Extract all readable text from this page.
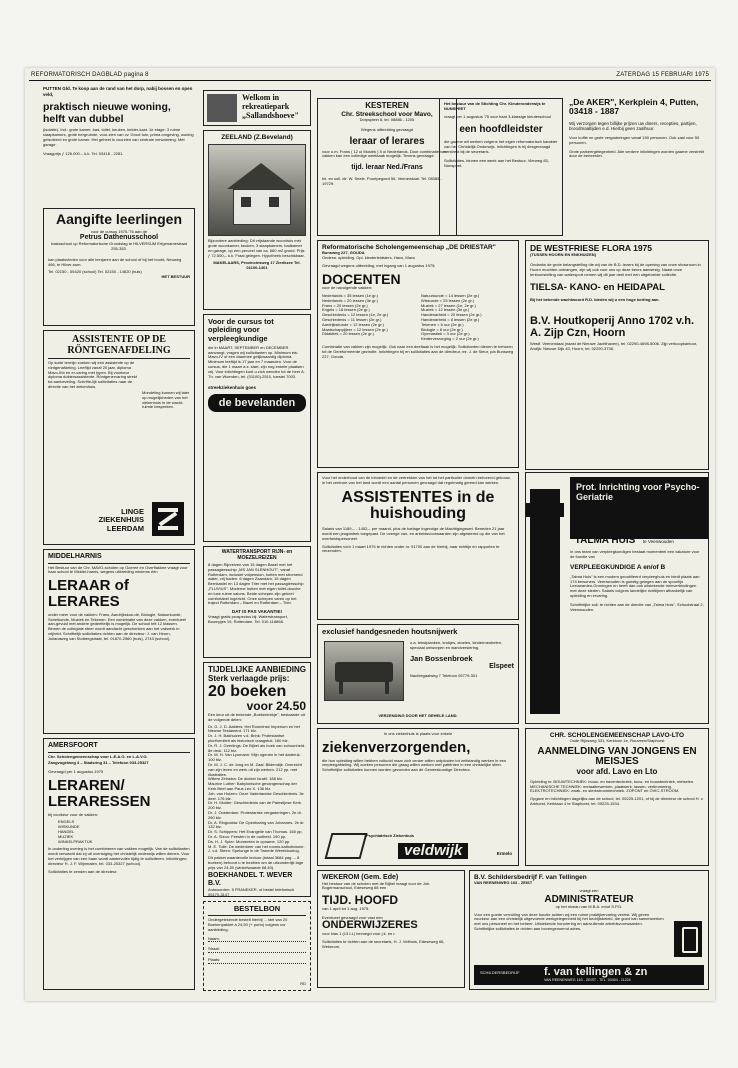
REFORMATORISCH DAGBLAD pagina 8	ZATERDAG 15 FEBRUARI 1975

PUTTEN Gld. Te koop aan de rand van het dorp, nabij bossen en open veld,

praktisch nieuwe woning, helft van dubbel

(isolatie). Ind.: grote kamer, bad, toilet, keuken, kelder-kast. 1e etage: 3 ruime slaapkamers, grote bergruimte, voor-zien van cv. Groot tuin, prima omgeving, woning gelsoleerd en grote kamer. Het geheel is voorzien van centrale verwarming. Met garage.

Vraagprijs ƒ 126.000.– k.k. Tel. 03418 - 2281.

Aangifte leerlingen

voor de cursus 1975-'76 aan de

Petrus Dathenusschool

basisschool op Reformatorische Grondslag te HILVERSUM Erfgenamestraat 255-353.

kan plaatsvinden voor alle leerjaren aan de school of bij het hoofd, Neuweg 466, te Hilver-sum.

Tel. 02150 - 55420 (school) Tel. 02150 - 14620 (huis)

HET BESTUUR

ASSISTENTE OP DE RÖNTGENAFDELING

Op korte termijn zoeken wij een assistente op de röntgenafdeling. Leeftijd vanaf 20 jaar, diploma Mavo-IIIb en er-varing met typen. Bij voorkeur diploma doktersassistente. Röntgenervaring strekt tot aanbeveling. Schrifte-lijk sollicitaties naar de directie van het ziekenhuis.

Mondeling kunnen wij later op mogelijkheden van het ziekenhuis in de wacht-ruimte bespreken.

LINGE ZIEKENHUIS LEERDAM

MIDDELHARNIS

Het Bestuur van de Chr. MAVO-scholen op Goeree en Overflakkee vraagt voor haar school te Middel-harnis, wegens uitbreiding miniems één

LERAAR of LERARES

onder meer voor de vakken: Frans, Aardrijkskun-de, Biologie, Natuurkunde, Scheikunde, Muziek en Tekenen. Een combinatie van deze vakken, eventueel aan-gevuld met andere gedeeltelijk is mogelijk. De school telt 12 klassen. Binnen de collegiale sfeer wordt aandacht geschonken aan het vakwerk in vrijheid. Schriftelijk sollicitaties richten aan de directeur: J. van Heurn, Julianaweg van Stolbergstraat, tel. 01870-2560 (huis), 2743 (school).

AMERSFOORT

Chr. Scholengemeenschap voor L.E.A.O. en L.A.V.O.

Zangvogelweg 4 – Stadsring 31 – Telefoon 033-25327

Gevraagd per 1 augustus 1975

LERAREN/ LERARESSEN

bij voorkeur voor de vakken:

ENGELS

WISKUNDE

HANDEL

MUZIEK

WINKELPRAKTIJK

In onderling overleg is het combineren van vakken mogelijk. Van de sollicitanten wordt verwacht dat zij uit overtuiging het christelijk onderwijs willen dienen. Voor het verkrijgen van een baan wordt aanbevolen tijdig te solliciteren. Inlichtingen: directeur H. J. F. Wijnmalen, tel. 033-25327 (school).

Sollicitaties te zenden aan de directeur.

Welkom in rekreatiepark „Sallandshoeve"

ZEELAND (Z.Beveland)

Bijzondere aanbieding: Dit vrijstaande woonhuis met grote woonkamer, keuken, 3 slaapkamers, badkamer en garage, op een perceel van ca. 660 m2 grond. Prijs ƒ 72.500,– k.k. Fraai gelegen. Hypotheek beschikbaar.

MAKELAARS, Provinciesweg 17 Zierikzee Tel. 01100-1401

Voor de cursus tot opleiding voor verpleegkundige

die in MAART, SEPTEMBER en DECEMBER aanvangt, vragen wij sollicitanten op. Minimum eis: Mavo-IV of een daarmee gelijkwaardig diploma. Minimum leeftijd is 17 jaar en 7 maanden. Voor de cursus, die 1 maart a.s. start, zijn nog enkele plaatsen vrij. Voor inlichtingen kunt u zich wenden tot de heer A. Th. van Woerden, tel. (01100)-2510, toestel 7003.

streekziekenhuis goes

de bevelanden

WATERTRANSPORT RIJN- en MOEZELREIZEN

8 dagen Rijnreizen van 15 dagen Basel met het passagiersschip „MS JAN SLENHOUT", vanaf Rotterdam, inclusief volpension, hutten met stromend water, vrij baden. 6 dagen Zaandam, 15 dagen Bernkastel en 13 dagen Trier met het passagiersschip „FLUVIUS". Moderne hutten met eigen toilet-douche en luxe ruime salons. Beide schepen zijn geheel comfortabel ingericht. Onze schepen varen op het traject Rotterdam – Bazel en Rotterdam – Trier.

DAT IS PAS VAKANTIE!

Vraagt gratis prospectus bij: Waterstransport, Boompjes 19, Rotterdam. Tel. 010-118868.

TIJDELIJKE AANBIEDING Sterk verlaagde prijs:

20 boeken

voor 24.50

Een keur uit de bekende „Boekentrekje", bestaande uit de volgende delen:

Dr. G. J. D. Aalders: Het Romeinse Imperium en het Nieuwe Testament. 171 blz.

Dr. J. H. Bakhuizen v.d. Brink: Protestantse pluriformiteit als historisch vraagstuk. 160 blz.

Dr. R. J. Geerlings: De Bijbel als boek van schoonheid. 8e druk. 112 blz.

Dr. M. H. Van Lyomann: Mijn ogenen in het daderuk. 100 blz.

Dr. M. J. C. de Jong en M. Zaal: Bildendijk. Overzicht van zijn leven en werk uit zijn werken. 212 pp. met illustraties.

Willem Zeinstra: De dichter Israël. 188 blz.

Maurice Luther: Babylonische gevangenschap der Kerk Brief aan Paus Leo X. 136 blz.

Joh. van Hulzen: Onze Vaderlandse Geschiedenis. 3e deel. 176 blz.

Dr. H. Mulder: Geschiedenis van de Palestijnse Kerk. 200 blz.

Dr. J. Oosterdam: Protestantse vergaderingen. 2e dr. 260 blz.

Dr. A. Ringnalda: De Openbaring van Johannes. 2e dr. 132 blz.

Dr. S. Schippers: Het Evangelie van Thomas. 160 pp.

Dr. A. Sizoo: Feesten in de oudheid. 190 pp.

Ds. H. J. Spier: Momenten in opname. 120 pp.

M. E. Tolle: De wederkeer van het rooms-katholicisme.

J. v.d. Steen: Spelonge in de Tweede Wereldoorlog.

Dit pakket waardevolle lectuur (totaal 3684 pag. – 8 boeken) behoort u te bezitten om de uitzonderlijk lage prijs van 24,50 (winkelwaarde 68,40).

BOEKHANDEL T. WEVER B.V.

Antwoorden: 5 FRANEKER, of bestel telefonisch 05170-3147

BESTELBON

Ondergetekende bestelt hierbij ... stel van 20 Boekenpakket à 24,50 (+ porto) volgens uw aanbieding.

Naam:

Straat:

Plaats:

RD

KESTEREN

Chr. Streekschool voor Mavo,

Dorpsplein 8, tel. 08886 - 1205

Wegens uitbreiding gevraagd

leraar of lerares

voor o.m. Frans ( 12 ul Musiek ) 5 ul Nederlands. Door combinatie van vakken kan een volledige weektaak mogelijk. Tevens gevraagd:

tijd. leraar Ned./Frans

Inl. en soll. dir. W. Seele, Poortpegoed 56, Veenendaal. Tel. 08385 - 19729.

Reformatorische Scholengemeenschap „DE DRIESTAR"

Bunsweg 227, GOUDA

Onderw. opleiding, Opl. kleuterleidsters, Havo, Mavo

Gevraagd wegens uitbreiding, met ingang van 1 augustus 1975:

DOCENTEN

voor de navolgende vakken:

Nederlands = 35 lessen (1e gr.)

Nederlands = 20 lessen (3e gr.)

Frans = 20 lessen (2e gr.)

Engels = 18 lessen (2e gr.)

Geschiedenis = 12 lessen (1e, 2e gr.)

Geschiedenis = 11 lessen (2e gr.)

Aardrijkskunde = 12 lessen (2e gr.)

Maatschappijleer = 12 lessen (2e gr.)

Didaktiek = 20 lessen (2e gr.)

Natuurkunde = 14 lessen (2e gr.)

Wiskunde = 25 lessen (2e gr.)

Muziek = 27 lessen (1e, 2e gr.)

Muziek = 12 lessen (3e gr.)

Handenarbeid = 20 lessen (2e gr.)

Handenarbeid = 8 lessen (2e gr.)

Tekenen = 6 uur (2e gr.)

Biologie = 8 uur (2e gr.)

Gymnastiek = 3 uur (2e gr.)

Kinderverzorging = 2 uur (2e gr.)

Combinatie van vakken zijn mogelijk. Ook naar een deeltaak is het mogelijk. Sollicitanten dienen te behoren tot de Gereformeerde gezindte. Inlichtingen bij en sollicitaties aan de directeur, mr. J. de Steur, p/a Bunsweg 227, Gouda.

Voor het onderhoud van de inboedel en de vertrekken van het tot het particulier domein behorend gebouw, in het centrum van het land wordt een aantal personen gevraagd dat regelmatig gereed kan werken.

ASSISTENTES in de huishouding

Salaris van 1189,– - 1452,– per maand, plus de toelage ingevolge de Machtigingswet. Beneden 21 jaar wordt een jeugdafrek toegepast. De overige van- en arbeidsvoorwaarden zijn afgestemd op die van het overheidspersoneel.

Sollicitaties vóór 1 maart 1975 te richten onder nr. 91700 aan de hierbij, naar richtlijn en rapporten te verzenden.

exclusief handgesneden houtsnijwerk

o.a. tekstplanken, krukjes, stoelen, kindermeubelen, speciaal ontworpen en wandversiering.

Jan Bossenbroek

Elspeet

Nachtegaalweg 7 Telefoon 05779-301

VERZENDING DOOR HET GEHELE LAND.

In ons ziekenhuis is plaats voor enkele

ziekenverzorgenden,

die hun opleiding willen hebben voltooid maar zich verder willen ontplooien tot zelfstandig werken in een verpleegafdeling. Wij zoeken personen die graag willen werken met patiënten in een christelijke sfeer. Schriftelijke sollicitaties kunnen worden gezonden aan de Geneeskundige Directeur.

Psychiatrisch Ziekenhuis

veldwijk	Ermelo

WEKEROM (Gem. Ede)

Het bestuur van de scholen met de Bijbel vraagt voor de Joh. Bogermanschool, Edeseweg 68 een

TIJD. HOOFD

van 1 april tot 1 aug. 1975.

Eventueel gevraagd voor vast een

ONDERWIJZERES

voor klas 1 (13 LL) bevoegd voor j.k. en r.

Sollicitaties te richten aan de secretaris, H. J. Velthuis, Edeseweg 66, Wekerom.

Het bestuur van de Stichting Chr. Kleuteronderwijs te NUNSPEET

vraagt per 1 augustus '75 voor haar 3-klassige kleuterschool

een hoofdleidster

die gaarne wil werken volgens het eigen reformatorisch karakter van het Christelijk Onderwijs. Inlichtingen is bij desgevraagd verstrekt bij de secretaris.

Sollicitaties, binnen een week aan het Bestuur, Vierweg 83, Nunspeet.

„De AKER", Kerkplein 4, Putten, 03418 - 1887

Wij verzorgen tegen billijke prijzen uw diners, recepties, partijen, broodmaaltijden e.d. Hierbij geen zaalhuur.

Voor koffie en grote vergaderingen vanaf 150 personen. Ook zaal voor 50 personen.

Grote parkeergelegenheid. Alle verdere inlichtingen worden gaarne verstrekt door de beheerder.

DE WESTFRIESE FLORA 1975

(TUSSEN HOORN EN ENKHUIZEN)

Ondanks de grote belangstelling die wij van de B.D.-lezers bij de opening van onze showroom in Hoorn mochten ontvangen, zijn wij ook voor ons op deze beurs aanwezig. Naast onze tentoonstelling van watersport nemen wij dit jaar deel met een uitgebreide collectie.

TIELSA- KANO- en HEIDAPAL

Bij het bekende wachtwoord R.D. bieden wij u een hoge korting aan.

B.V. Houtkoperij Anno 1702 v.h. A. Zijp Czn, Hoorn

Westf. Veenendaal (naast de Nieuwe Jachthaven), tel. 02290-4698-5006. Zijp verkoopkantoor, Andijk: Nieuwe Dijk 40, Hoorn, tel. 02290-3736.

Prot. Inrichting voor Psycho-Geriatrie

"TALMA HUIS" te Veenwouden

In ons team van verpleegkundigen bestaat momenteel een vakature voor de functie van

VERPLEEGKUNDIGE A en/of B

„Talma Huis" is een modern geoutilleerd verpleeghuis en biedt plaats aan 174 bewoners. Veenwouden is gunstig gelegen aan de spoorlijn Leeuwarden-Groningen en heeft dan ook uitstekende treinverbindingen met deze steden. Salaris volgens landelijke richtlijnen afhankelijk van opleiding en ervaring.

Schriftelijke soll. te richten aan de directie van „Talma Huis", Schoolstraat 2, Veenwouden.

CHR. SCHOLENGEMEENSCHAP LAVO-LTO

Oude Rijksweg 331, Kerkloon 1e, Rouveen/Staphorst

AANMELDING VAN JONGENS EN MEISJES

voor afd. Lavo en Lto

Opleiding in: BOUWTECHNIEK: bouw- en haventechniek, touw- en bouwtechniek, metselen. MECHANISCHE TECHNIEK: metaalbewerken, plaatwerk, lassen, vertimmering. ELEKTROTECHNIEK: zwak- en sterkstroomtechniek. ZOPONT en OVIC-STROOM.

Opgave en inlichtingen dagelijks aan de school, tel. 05225-1201, of bij de directeur de school H. v. Arkhorst, Kerklaan 4 te Staphorst, tel. 05225-1534.

B.V. Schildersbedrijf F. van Tellingen

VAN REENENWEG 163 - ZEIST

vraagt een

ADMINISTRATEUR

op het niveau van M.B.A. en/of S.P.D.

Voor een goede vervulling van deze functie achten wij een ruime praktijkervaring vereist. Wij geven voorkeur aan een christelijk uitgevoerde werkgelegenheid bij het bedrijfsbeleid, die goed kan samenwerken met ons personeel en het beheer. Uitstekende honorering en aanvullende arbeidsvoorwaarden. Schriftelijke sollicitaties te richten aan bovengenoemd adres.

SCHILDERSBEDRIJF f. van tellingen & zn

VAN REENENWEG 163 - ZEIST - TEL. 03404 - 11224
